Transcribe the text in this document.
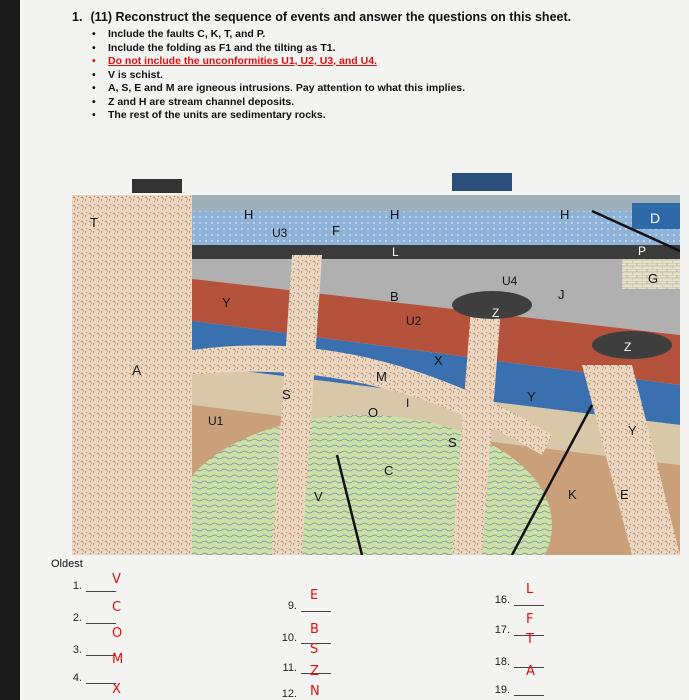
1. (11) Reconstruct the sequence of events and answer the questions on this sheet.

• Include the faults C, K, T, and P.
• Include the folding as F1 and the tilting as T1.
• Do not include the unconformities U1, U2, U3, and U4.
• V is schist.
• A, S, E and M are igneous intrusions. Pay attention to what this implies.
• Z and H are stream channel deposits.
• The rest of the units are sedimentary rocks.
T
H
U3	F
H	H	D
L	P
G
U4
J
B
Y
U2
Z
Z
A	M
X
Y
S
O
I
U1
S
Y
C
V	K	E
Oldest
1.	V
2.
C
3.
O
4.
M
X
9.
E
10.
B
S
11.	Z
12.	N
16.
L
17.
F
T
18.
A
19.
